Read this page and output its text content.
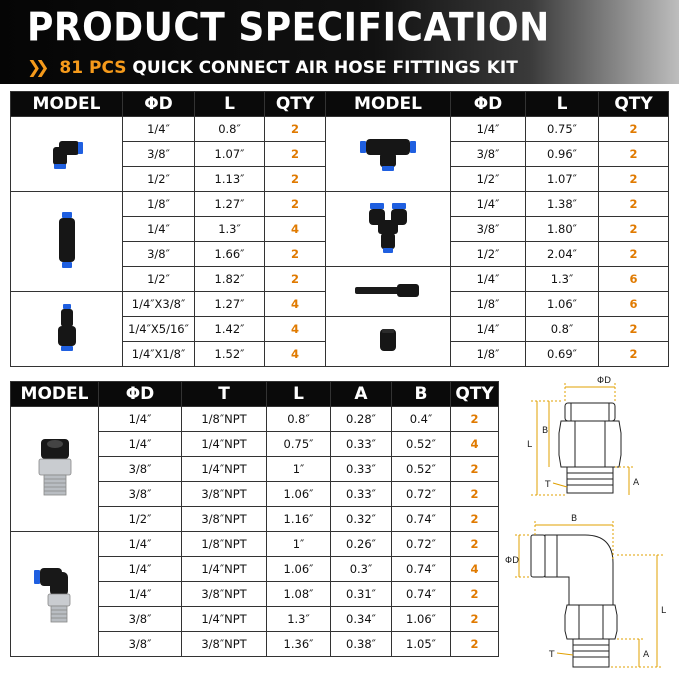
PRODUCT SPECIFICATION
❯❯ 81 PCS QUICK CONNECT AIR HOSE FITTINGS KIT
MODEL	ΦD	L	QTY
	1/4″	0.8″	2
	3/8″	1.07″	2
	1/2″	1.13″	2
	1/8″	1.27″	2
	1/4″	1.3″	4
	3/8″	1.66″	2
	1/2″	1.82″	2
	1/4″X3/8″	1.27″	4
	1/4″X5/16″	1.42″	4
	1/4″X1/8″	1.52″	4
MODEL	ΦD	L	QTY
	1/4″	0.75″	2
	3/8″	0.96″	2
	1/2″	1.07″	2
	1/4″	1.38″	2
	3/8″	1.80″	2
	1/2″	2.04″	2
	1/4″	1.3″	6
	1/8″	1.06″	6
	1/4″	0.8″	2
	1/8″	0.69″	2
MODEL	ΦD	T	L	A	B	QTY
	1/4″	1/8″NPT	0.8″	0.28″	0.4″	2
	1/4″	1/4″NPT	0.75″	0.33″	0.52″	4
	3/8″	1/4″NPT	1″	0.33″	0.52″	2
	3/8″	3/8″NPT	1.06″	0.33″	0.72″	2
	1/2″	3/8″NPT	1.16″	0.32″	0.74″	2
	1/4″	1/8″NPT	1″	0.26″	0.72″	2
	1/4″	1/4″NPT	1.06″	0.3″	0.74″	4
	1/4″	3/8″NPT	1.08″	0.31″	0.74″	2
	3/8″	1/4″NPT	1.3″	0.34″	1.06″	2
	3/8″	3/8″NPT	1.36″	0.38″	1.05″	2
ΦD
L
B
T	A
B
ΦD
L
T	A
